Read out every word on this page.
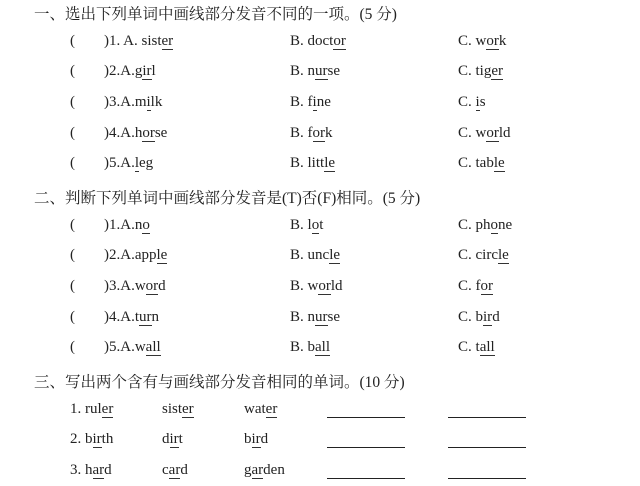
一、选出下列单词中画线部分发音不同的一项。(5 分)
( )1. A. sister	B. doctor	C. work
( )2.A.girl	B. nurse	C. tiger
( )3.A.milk	B. fine	C. is
( )4.A.horse	B. fork	C. world
( )5.A.leg	B. little	C. table
二、判断下列单词中画线部分发音是(T)否(F)相同。(5 分)
( )1.A.no	B. lot	C. phone
( )2.A.apple	B. uncle	C. circle
( )3.A.word	B. world	C. for
( )4.A.turn	B. nurse	C. bird
( )5.A.wall	B. ball	C. tall
三、写出两个含有与画线部分发音相同的单词。(10 分)
1. ruler	sister	water
2. birth	dirt	bird
3. hard	card	garden
